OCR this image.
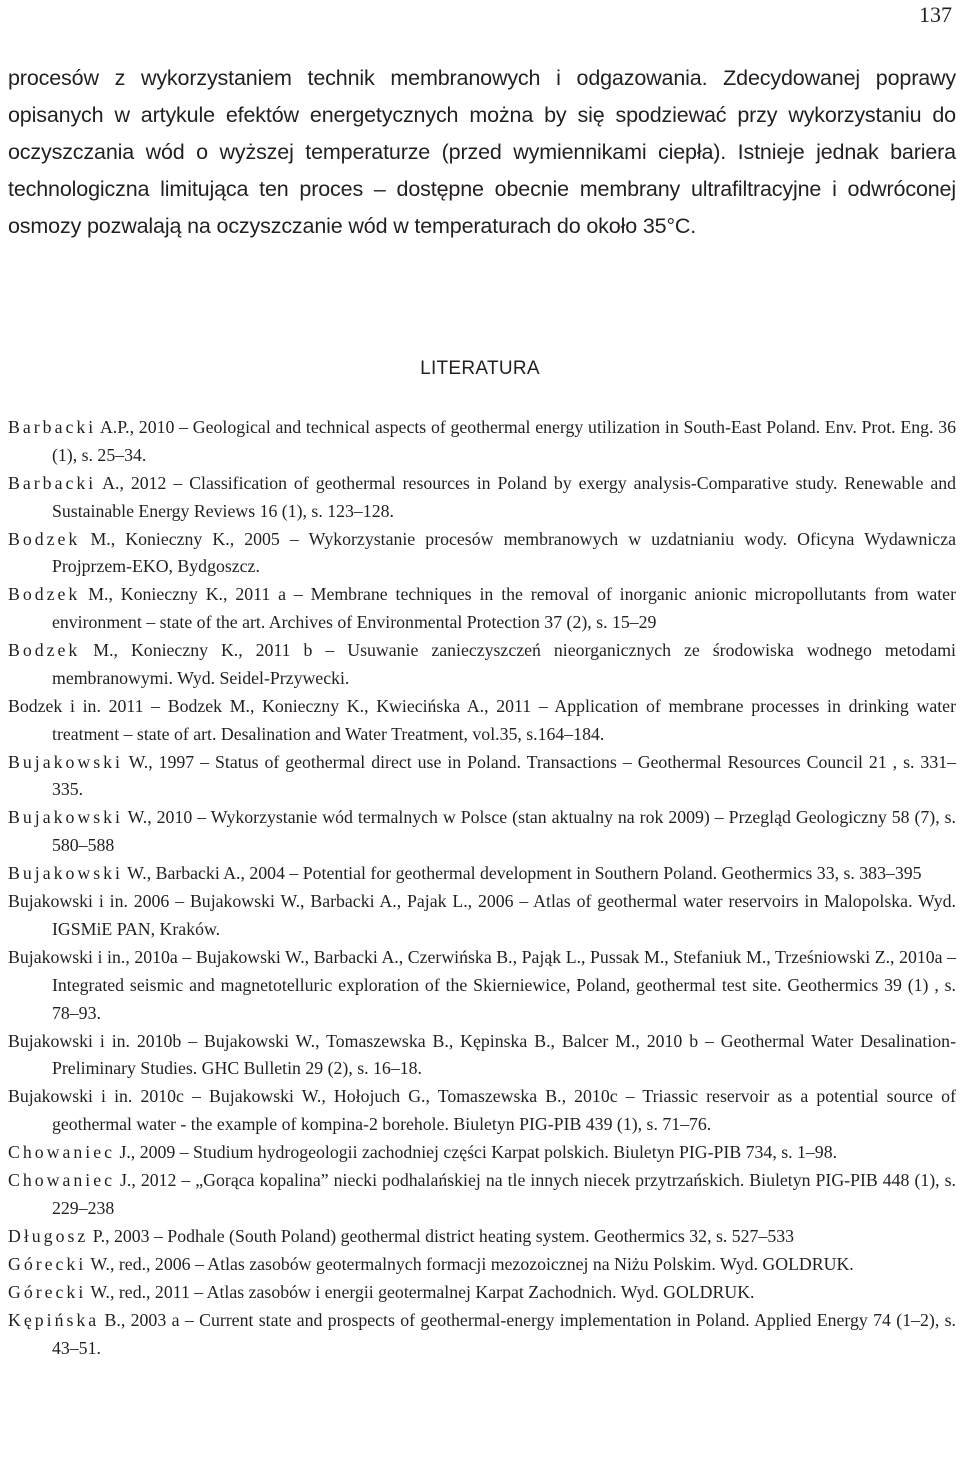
137

procesów z wykorzystaniem technik membranowych i odgazowania. Zdecydowanej poprawy opisanych w artykule efektów energetycznych można by się spodziewać przy wykorzystaniu do oczyszczania wód o wyższej temperaturze (przed wymiennikami ciepła). Istnieje jednak bariera technologiczna limitująca ten proces – dostępne obecnie membrany ultrafiltracyjne i odwróconej osmozy pozwalają na oczyszczanie wód w temperaturach do około 35°C.

LITERATURA
Barbacki A.P., 2010 – Geological and technical aspects of geothermal energy utilization in South-East Poland. Env. Prot. Eng. 36 (1), s. 25–34.
Barbacki A., 2012 – Classification of geothermal resources in Poland by exergy analysis-Comparative study. Renewable and Sustainable Energy Reviews 16 (1), s. 123–128.
Bodzek M., Konieczny K., 2005 – Wykorzystanie procesów membranowych w uzdatnianiu wody. Oficyna Wydawnicza Projprzem-EKO, Bydgoszcz.
Bodzek M., Konieczny K., 2011 a – Membrane techniques in the removal of inorganic anionic micropollutants from water environment – state of the art. Archives of Environmental Protection 37 (2), s. 15–29
Bodzek M., Konieczny K., 2011 b – Usuwanie zanieczyszczeń nieorganicznych ze środowiska wodnego metodami membranowymi. Wyd. Seidel-Przywecki.
Bodzek i in. 2011 – Bodzek M., Konieczny K., Kwiecińska A., 2011 – Application of membrane processes in drinking water treatment – state of art. Desalination and Water Treatment, vol.35, s.164–184.
Bujakowski W., 1997 – Status of geothermal direct use in Poland. Transactions – Geothermal Resources Council 21 , s. 331–335.
Bujakowski W., 2010 – Wykorzystanie wód termalnych w Polsce (stan aktualny na rok 2009) – Przegląd Geologiczny 58 (7), s. 580–588
Bujakowski W., Barbacki A., 2004 – Potential for geothermal development in Southern Poland. Geothermics 33, s. 383–395
Bujakowski i in. 2006 – Bujakowski W., Barbacki A., Pajak L., 2006 – Atlas of geothermal water reservoirs in Malopolska. Wyd. IGSMiE PAN, Kraków.
Bujakowski i in., 2010a – Bujakowski W., Barbacki A., Czerwińska B., Pająk L., Pussak M., Stefaniuk M., Trześniowski Z., 2010a – Integrated seismic and magnetotelluric exploration of the Skierniewice, Poland, geothermal test site. Geothermics 39 (1) , s. 78–93.
Bujakowski i in. 2010b – Bujakowski W., Tomaszewska B., Kępinska B., Balcer M., 2010 b – Geothermal Water Desalination-Preliminary Studies. GHC Bulletin 29 (2), s. 16–18.
Bujakowski i in. 2010c – Bujakowski W., Hołojuch G., Tomaszewska B., 2010c – Triassic reservoir as a potential source of geothermal water - the example of kompina-2 borehole. Biuletyn PIG-PIB 439 (1), s. 71–76.
Chowaniec J., 2009 – Studium hydrogeologii zachodniej części Karpat polskich. Biuletyn PIG-PIB 734, s. 1–98.
Chowaniec J., 2012 – „Gorąca kopalina” niecki podhalańskiej na tle innych niecek przytrzańskich. Biuletyn PIG-PIB 448 (1), s. 229–238
Długosz P., 2003 – Podhale (South Poland) geothermal district heating system. Geothermics 32, s. 527–533
Górecki W., red., 2006 – Atlas zasobów geotermalnych formacji mezozoicznej na Niżu Polskim. Wyd. GOLDRUK.
Górecki W., red., 2011 – Atlas zasobów i energii geotermalnej Karpat Zachodnich. Wyd. GOLDRUK.
Kępińska B., 2003 a – Current state and prospects of geothermal-energy implementation in Poland. Applied Energy 74 (1–2), s. 43–51.
